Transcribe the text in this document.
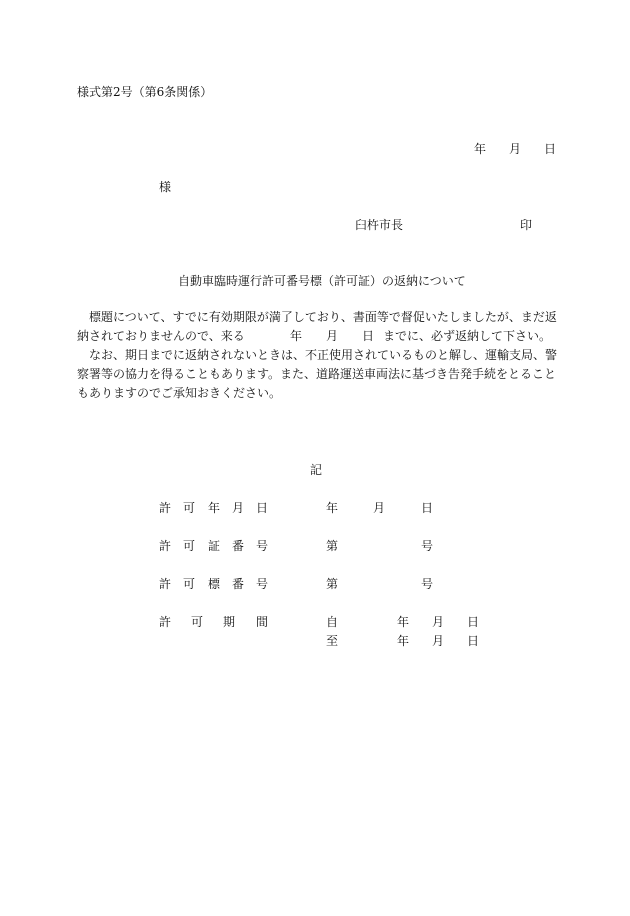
様式第2号（第6条関係）
年 月 日
様
臼杵市長	印
自動車臨時運行許可番号標（許可証）の返納について
標題について、すでに有効期限が満了しており、書面等で督促いたしましたが、まだ返
納されておりませんので、来る	年 月 日 までに、必ず返納して下さい。
なお、期日までに返納されないときは、不正使用されているものと解し、運輸支局、警
察署等の協力を得ることもあります。また、道路運送車両法に基づき告発手続をとること
もありますのでご承知おきください。
記
許 可 年 月 日	年	月	日
許 可 証 番 号	第	号
許 可 標 番 号	第	号
許 可 期 間	自	年 月 日
至	年 月 日
